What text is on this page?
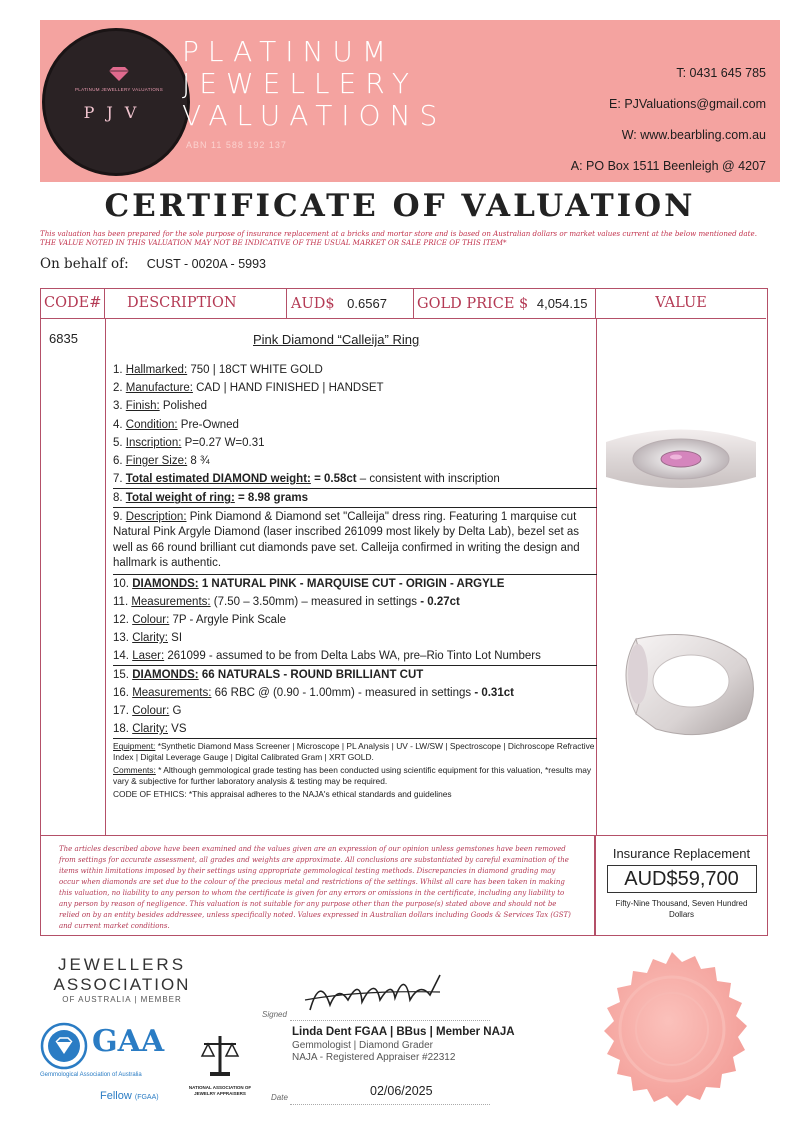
PLATINUM JEWELLERY VALUATIONS
PJV
PLATINUM
JEWELLERY
VALUATIONS
ABN 11 588 192 137
T: 0431 645 785
E: PJValuations@gmail.com
W: www.bearbling.com.au
A: PO Box 1511 Beenleigh @ 4207
CERTIFICATE OF VALUATION
This valuation has been prepared for the sole purpose of insurance replacement at a bricks and mortar store and is based on Australian dollars or market values current at the below mentioned date.
THE VALUE NOTED IN THIS VALUATION MAY NOT BE INDICATIVE OF THE USUAL MARKET OR SALE PRICE OF THIS ITEM*
On behalf of: CUST - 0020A - 5993
CODE#	DESCRIPTION	AUD$ 0.6567	GOLD PRICE $ 4,054.15	VALUE
6835	Pink Diamond “Calleija” Ring
1. Hallmarked: 750 | 18CT WHITE GOLD
2. Manufacture: CAD | HAND FINISHED | HANDSET
3. Finish: Polished
4. Condition: Pre-Owned
5. Inscription: P=0.27 W=0.31
6. Finger Size: 8 ¾
7. Total estimated DIAMOND weight: = 0.58ct – consistent with inscription
8. Total weight of ring: = 8.98 grams
9. Description: Pink Diamond & Diamond set "Calleija" dress ring. Featuring 1 marquise cut Natural Pink Argyle Diamond (laser inscribed 261099 most likely by Delta Lab), bezel set as well as 66 round brilliant cut diamonds pave set. Calleija confirmed in writing the design and hallmark is authentic.
10. DIAMONDS: 1 NATURAL PINK - MARQUISE CUT - ORIGIN - ARGYLE
11. Measurements: (7.50 – 3.50mm) – measured in settings - 0.27ct
12. Colour: 7P - Argyle Pink Scale
13. Clarity: SI
14. Laser: 261099 - assumed to be from Delta Labs WA, pre–Rio Tinto Lot Numbers
15. DIAMONDS: 66 NATURALS - ROUND BRILLIANT CUT
16. Measurements: 66 RBC @ (0.90 - 1.00mm) - measured in settings - 0.31ct
17. Colour: G
18. Clarity: VS
Equipment: *Synthetic Diamond Mass Screener | Microscope | PL Analysis | UV - LW/SW | Spectroscope | Dichroscope Refractive Index | Digital Leverage Gauge | Digital Calibrated Gram | XRT GOLD.
Comments: * Although gemmological grade testing has been conducted using scientific equipment for this valuation, *results may vary & subjective for further laboratory analysis & testing may be required.
CODE OF ETHICS: *This appraisal adheres to the NAJA's ethical standards and guidelines
The articles described above have been examined and the values given are an expression of our opinion unless gemstones have been removed from settings for accurate assessment, all grades and weights are approximate. All conclusions are substantiated by careful examination of the items within limitations imposed by their settings using appropriate gemmological testing methods. Discrepancies in diamond grading may occur when diamonds are set due to the colour of the precious metal and restrictions of the settings. Whilst all care has been taken in making this valuation, no liability to any person to whom the certificate is given for any errors or omissions in the certificate, including any liability to any person by reason of negligence. This valuation is not suitable for any purpose other than the purpose(s) stated above and should not be relied on by an entity besides addressee, unless specifically noted. Values expressed in Australian dollars including Goods & Services Tax (GST) and current market conditions.
Insurance Replacement
AUD$59,700
Fifty-Nine Thousand, Seven Hundred Dollars
JEWELLERS
ASSOCIATION
OF AUSTRALIA | MEMBER
GAA
Gemmological Association of Australia
Fellow (FGAA)
NATIONAL ASSOCIATION OF JEWELRY APPRAISERS
Signed
Linda Dent FGAA | BBus | Member NAJA
Gemmologist | Diamond Grader
NAJA - Registered Appraiser #22312
Date	02/06/2025
